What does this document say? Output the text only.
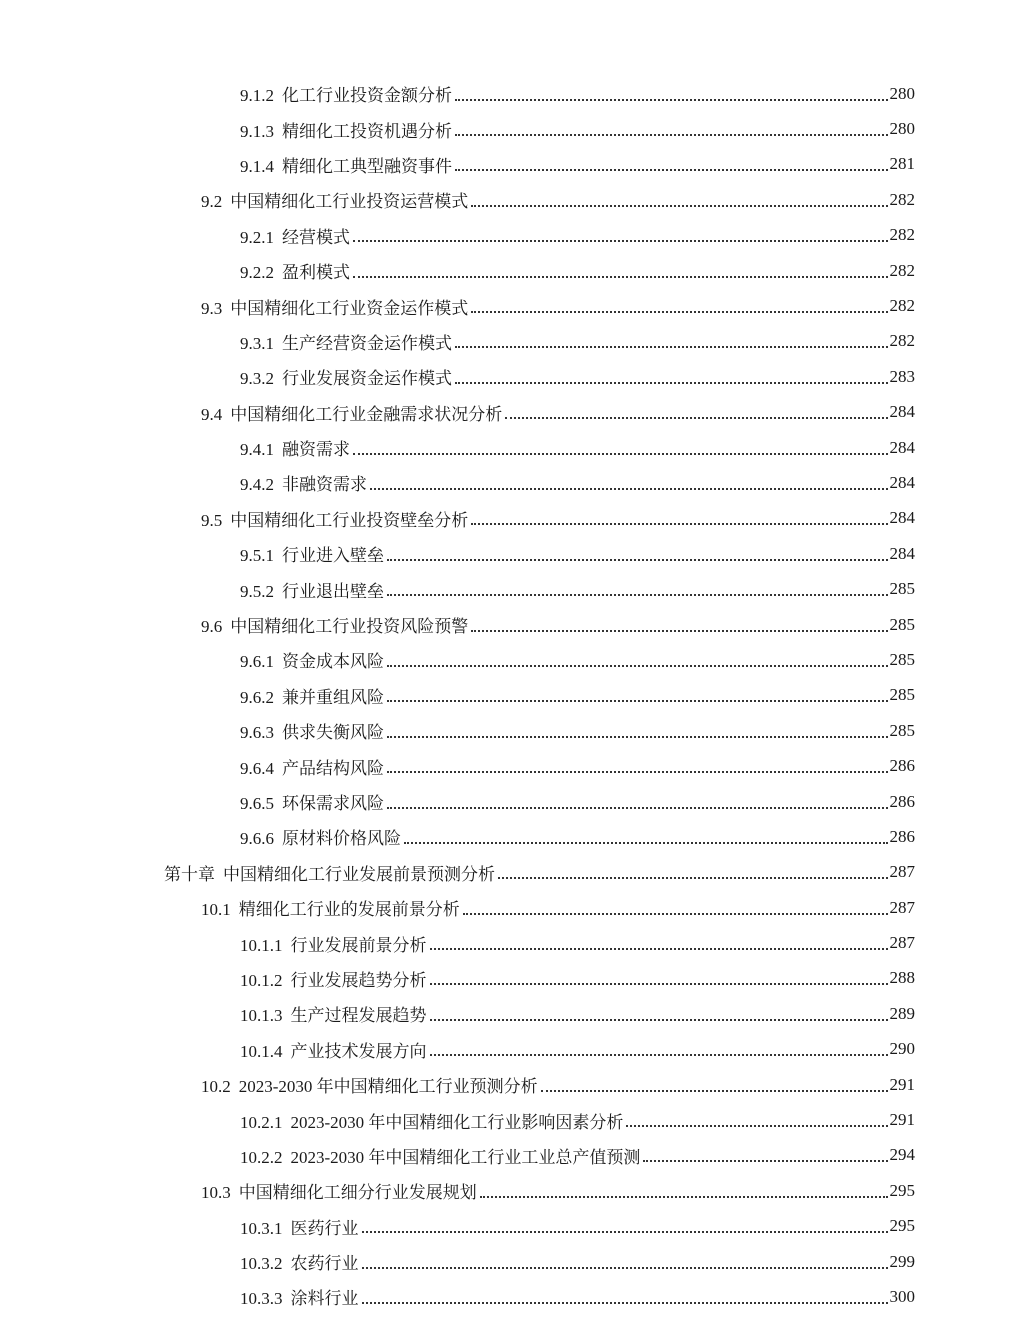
9.1.2 化工行业投资金额分析	280
9.1.3 精细化工投资机遇分析	280
9.1.4 精细化工典型融资事件	281
9.2 中国精细化工行业投资运营模式	282
9.2.1 经营模式	282
9.2.2 盈利模式	282
9.3 中国精细化工行业资金运作模式	282
9.3.1 生产经营资金运作模式	282
9.3.2 行业发展资金运作模式	283
9.4 中国精细化工行业金融需求状况分析	284
9.4.1 融资需求	284
9.4.2 非融资需求	284
9.5 中国精细化工行业投资壁垒分析	284
9.5.1 行业进入壁垒	284
9.5.2 行业退出壁垒	285
9.6 中国精细化工行业投资风险预警	285
9.6.1 资金成本风险	285
9.6.2 兼并重组风险	285
9.6.3 供求失衡风险	285
9.6.4 产品结构风险	286
9.6.5 环保需求风险	286
9.6.6 原材料价格风险	286
第十章 中国精细化工行业发展前景预测分析	287
10.1 精细化工行业的发展前景分析	287
10.1.1 行业发展前景分析	287
10.1.2 行业发展趋势分析	288
10.1.3 生产过程发展趋势	289
10.1.4 产业技术发展方向	290
10.2 2023-2030 年中国精细化工行业预测分析	291
10.2.1 2023-2030 年中国精细化工行业影响因素分析	291
10.2.2 2023-2030 年中国精细化工行业工业总产值预测	294
10.3 中国精细化工细分行业发展规划	295
10.3.1 医药行业	295
10.3.2 农药行业	299
10.3.3 涂料行业	300
